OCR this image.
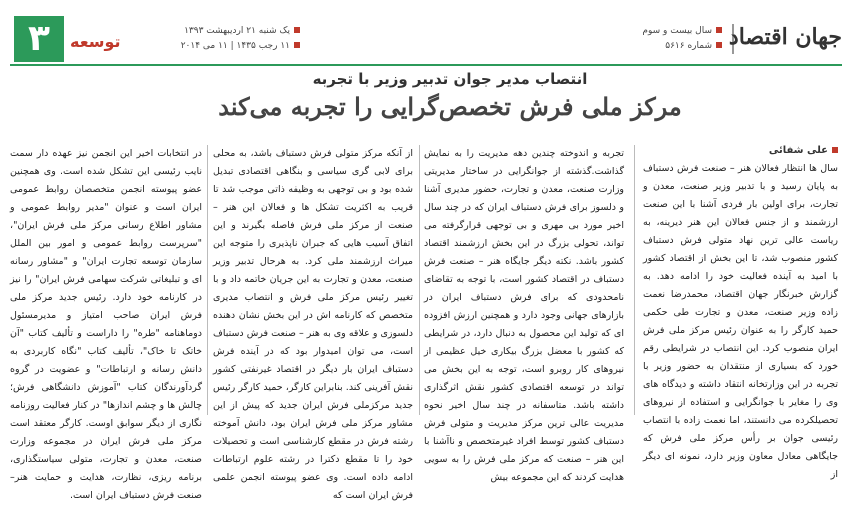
۳	توسعه
یک شنبه ۲۱ اردیبهشت ۱۳۹۳
۱۱ رجب ۱۴۳۵ | ۱۱ می ۲۰۱۴
سال بیست و سوم
شماره ۵۶۱۶ جهان اقتصاد
انتصاب مدیر جوان تدبیر وزیر با تجربه
مرکز ملی فرش تخصص‌گرایی را تجربه می‌کند
علی شفائی
سال ها انتظار فعالان هنر – صنعت فرش دستباف به پایان رسید و با تدبیر وزیر صنعت، معدن و تجارت، برای اولین بار فردی آشنا با این صنعت ارزشمند و از جنس فعالان این هنر دیرینه، به ریاست عالی ترین نهاد متولی فرش دستباف کشور منصوب شد، تا این بخش از اقتصاد کشور با امید به آینده فعالیت خود را ادامه دهد. به گزارش خبرنگار جهان اقتصاد، محمدرضا نعمت زاده وزیر صنعت، معدن و تجارت طی حکمی حمید کارگر را به عنوان رئیس مرکز ملی فرش ایران منصوب کرد. این انتصاب در شرایطی رقم خورد که بسیاری از منتقدان به حضور وزیر با تجربه در این وزارتخانه انتقاد داشته و دیدگاه های وی را مغایر با جوانگرایی و استفاده از نیروهای تحصیلکرده می دانستند، اما نعمت زاده با انتصاب رئیسی جوان بر رأس مرکز ملی فرش که جایگاهی معادل معاون وزیر دارد، نمونه ای دیگر از
تجربه و اندوخته چندین دهه مدیریت را به نمایش گذاشت.گذشته از جوانگرایی در ساختار مدیریتی وزارت صنعت، معدن و تجارت، حضور مدیری آشنا و دلسوز برای فرش دستباف ایران که در چند سال اخیر مورد بی مهری و بی توجهی قرارگرفته می تواند، تحولی بزرگ در این بخش ارزشمند اقتصاد کشور باشد. نکته دیگر جایگاه هنر – صنعت فرش دستباف در اقتصاد کشور است، با توجه به تقاضای نامحدودی که برای فرش دستباف ایران در بازارهای جهانی وجود دارد و همچنین ارزش افزوده ای که تولید این محصول به دنبال دارد، در شرایطی که کشور با معضل بزرگ بیکاری خیل عظیمی از نیروهای کار روبرو است، توجه به این بخش می تواند در توسعه اقتصادی کشور نقش اثرگذاری داشته باشد. متاسفانه در چند سال اخیر نحوه مدیریت عالی ترین مرکز مدیریت و متولی فرش دستباف کشور توسط افراد غیرمتخصص و ناآشنا با این هنر – صنعت که مرکز ملی فرش را به سویی هدایت کردند که این مجموعه بیش
از آنکه مرکز متولی فرش دستباف باشد، به محلی برای لابی گری سیاسی و بنگاهی اقتصادی تبدیل شده بود و بی توجهی به وظیفه ذاتی موجب شد تا قریب به اکثریت تشکل ها و فعالان این هنر – صنعت از مرکز ملی فرش فاصله بگیرند و این اتفاق آسیب هایی که جبران ناپذیری را متوجه این میراث ارزشمند ملی کرد. به هرحال تدبیر وزیر صنعت، معدن و تجارت به این جریان خاتمه داد و با تغییر رئیس مرکز ملی فرش و انتصاب مدیری متخصص که کارنامه اش در این بخش نشان دهنده دلسوزی و علاقه وی به هنر – صنعت فرش دستباف است، می توان امیدوار بود که در آینده فرش دستباف ایران بار دیگر در اقتصاد غیرنفتی کشور نقش آفرینی کند. بنابراین کارگر، حمید کارگر رئیس جدید مرکزملی فرش ایران جدید که پیش از این مشاور مرکز ملی فرش ایران بود، دانش آموخته رشته فرش در مقطع کارشناسی است و تحصیلات خود را تا مقطع دکترا در رشته علوم ارتباطات ادامه داده است. وی عضو پیوسته انجمن علمی فرش ایران است که
در انتخابات اخیر این انجمن نیز عهده دار سمت نایب رئیسی این تشکل شده است. وی همچنین عضو پیوسته انجمن متخصصان روابط عمومی ایران است و عنوان "مدیر روابط عمومی و مشاور اطلاع رسانی مرکز ملی فرش ایران"، "سرپرست روابط عمومی و امور بین الملل سازمان توسعه تجارت ایران" و "مشاور رسانه ای و تبلیغاتی شرکت سهامی فرش ایران" را نیز در کارنامه خود دارد. رئیس جدید مرکز ملی فرش ایران صاحب امتیاز و مدیرمسئول دوماهنامه "طره" را داراست و تألیف کتاب "آن خاتک تا خاک"، تألیف کتاب "نگاه کاربردی به دانش رسانه و ارتباطات" و عضویت در گروه گردآورندگان کتاب "آموزش دانشگاهی فرش؛ چالش ها و چشم اندازها" در کنار فعالیت روزنامه نگاری از دیگر سوابق اوست. کارگر معتقد است مرکز ملی فرش ایران در مجموعه وزارت صنعت، معدن و تجارت، متولی سیاستگذاری، برنامه ریزی، نظارت، هدایت و حمایت هنر–صنعت فرش دستباف ایران است.
